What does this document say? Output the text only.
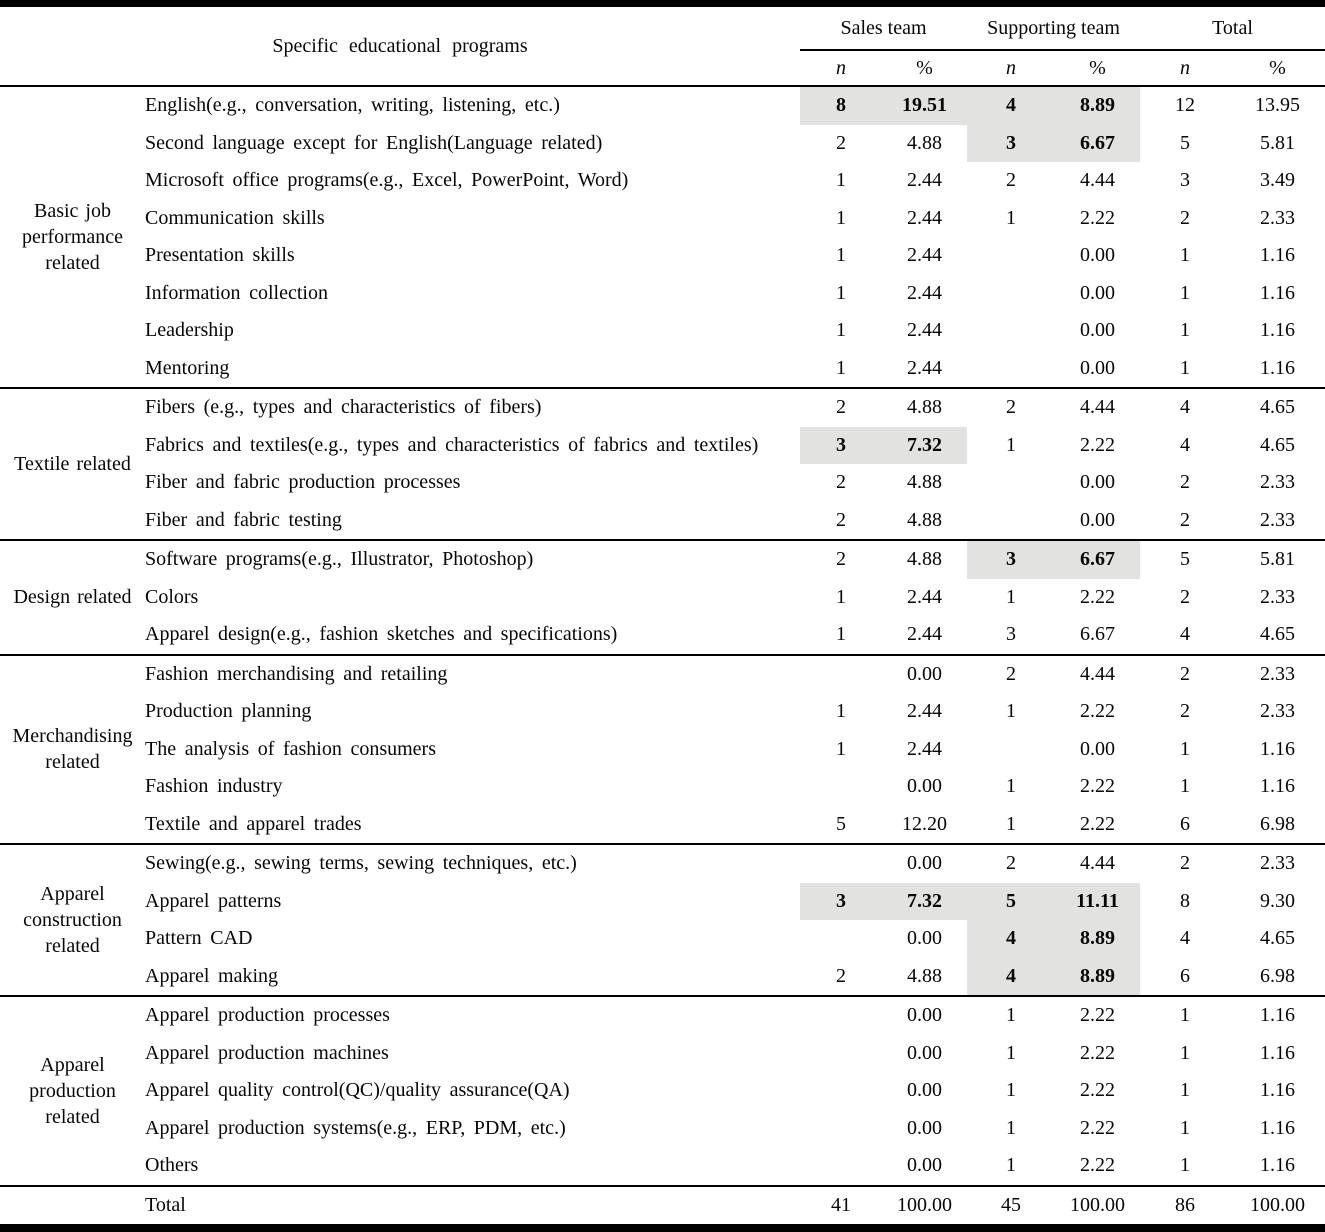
Specific educational programs		Sales team		Supporting team		Total	
		n	%	n	%	n	%
Basic job performance related	English(e.g., conversation, writing, listening, etc.)	8	19.51	4	8.89	12	13.95
	Second language except for English(Language related)	2	4.88	3	6.67	5	5.81
	Microsoft office programs(e.g., Excel, PowerPoint, Word)	1	2.44	2	4.44	3	3.49
	Communication skills	1	2.44	1	2.22	2	2.33
	Presentation skills	1	2.44		0.00	1	1.16
	Information collection	1	2.44		0.00	1	1.16
	Leadership	1	2.44		0.00	1	1.16
	Mentoring	1	2.44		0.00	1	1.16
Textile related	Fibers (e.g., types and characteristics of fibers)	2	4.88	2	4.44	4	4.65
	Fabrics and textiles(e.g., types and characteristics of fabrics and textiles)	3	7.32	1	2.22	4	4.65
	Fiber and fabric production processes	2	4.88		0.00	2	2.33
	Fiber and fabric testing	2	4.88		0.00	2	2.33
Design related	Software programs(e.g., Illustrator, Photoshop)	2	4.88	3	6.67	5	5.81
	Colors	1	2.44	1	2.22	2	2.33
	Apparel design(e.g., fashion sketches and specifications)	1	2.44	3	6.67	4	4.65
Merchandising related	Fashion merchandising and retailing		0.00	2	4.44	2	2.33
	Production planning	1	2.44	1	2.22	2	2.33
	The analysis of fashion consumers	1	2.44		0.00	1	1.16
	Fashion industry		0.00	1	2.22	1	1.16
	Textile and apparel trades	5	12.20	1	2.22	6	6.98
Apparel construction related	Sewing(e.g., sewing terms, sewing techniques, etc.)		0.00	2	4.44	2	2.33
	Apparel patterns	3	7.32	5	11.11	8	9.30
	Pattern CAD		0.00	4	8.89	4	4.65
	Apparel making	2	4.88	4	8.89	6	6.98
Apparel production related	Apparel production processes		0.00	1	2.22	1	1.16
	Apparel production machines		0.00	1	2.22	1	1.16
	Apparel quality control(QC)/quality assurance(QA)		0.00	1	2.22	1	1.16
	Apparel production systems(e.g., ERP, PDM, etc.)		0.00	1	2.22	1	1.16
	Others		0.00	1	2.22	1	1.16
	Total	41	100.00	45	100.00	86	100.00
